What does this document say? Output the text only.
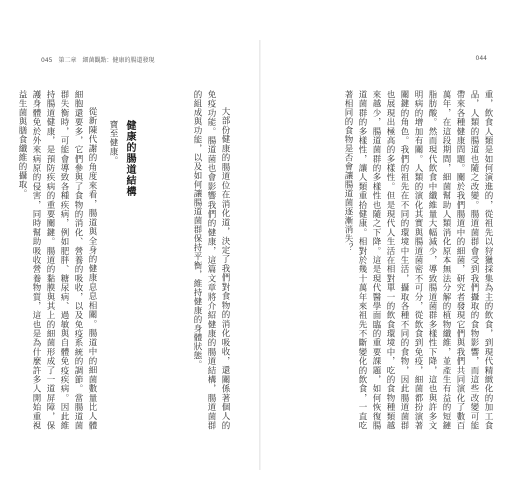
045　第二章　細菌觀點：健康的腸道發現
寶至健康。 健康的腸道結構	大部份健康的腸道位在消化道，決定了我們對食物的消化吸收，還關係著個人的免疫功能。腸道菌也會影響我們的健康，這篇文章將介紹健康的腸道結構，腸道菌群的組成與功能，以及如何讓腸道菌群保持平衡，維持健康的身體狀態。

從新陳代謝的角度來看，腸道與全身的健康息息相關。腸道中的細菌數量比人體細胞還要多，它們參與了食物的消化、營養的吸收，以及免疫系統的調節。當腸道菌群失衡時，可能會導致各種疾病，例如肥胖、糖尿病、過敏與自體免疫疾病。因此維持腸道健康，是預防疾病的重要關鍵。腸道的黏膜與其上的細菌形成了一道屏障，保護身體免於外來病原的侵害，同時幫助吸收營養物質，這也是為什麼許多人開始重視益生菌與膳食纖維的攝取。

044

重，飲食人類是如何演進的，從祖先以狩獵採集為主的飲食，到現代精緻化的加工食品，人類的腸道也隨之改變。腸道菌群會受到我們攝取的食物影響，而這些改變可能帶來各種健康問題。關於我們腸道中的細菌，研究者發現它們與我們共同演化了數百萬年，在這段期間，細菌幫助人類消化原本無法分解的植物纖維，並產生有益的短鏈脂肪酸。然而現代飲食中纖維量大幅減少，導致腸道菌群多樣性下降，這也與許多文明病的增加有關。人類的演化其實與腸道菌密不可分，從飲食到免疫，細菌都扮演著關鍵的角色。我們的祖先在不同的環境中生活，攝取各種不同的食物，因此腸道菌群也展現出極高的多樣性。但是現代人生活在相對單一的飲食環境中，吃的食物種類越來越少，腸道菌群的多樣性也隨之下降。這是現代醫學面臨的重要課題，如何恢復腸道菌群的多樣性，讓人類重拾健康。相對於幾十萬年來祖先不斷變化的飲食，一直吃著相同的食物是否會讓腸道菌逐漸消失？
